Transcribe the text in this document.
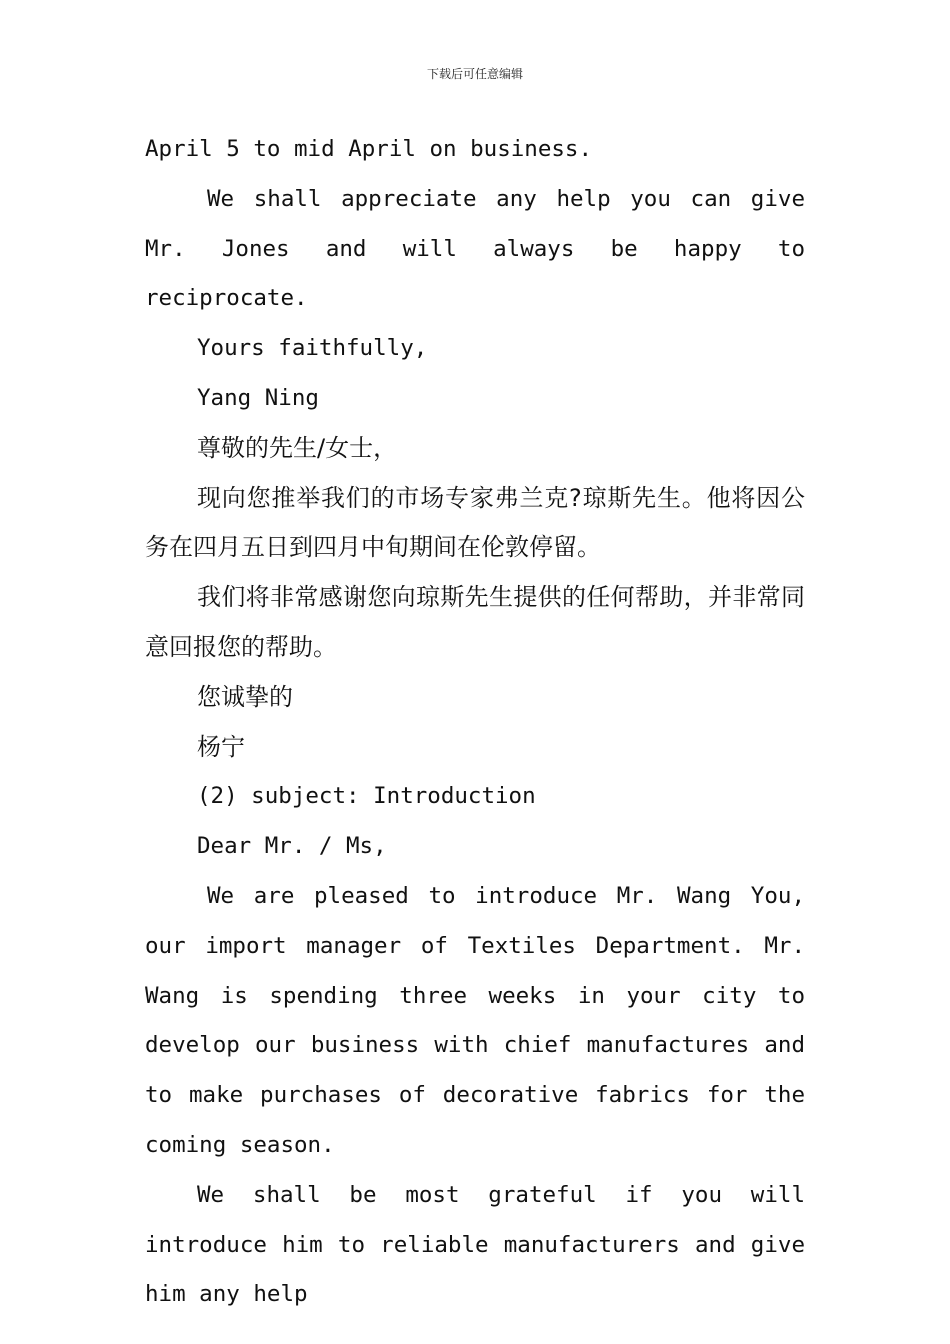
下载后可任意编辑

April 5 to mid April on business.

We shall appreciate any help you can give Mr. Jones and will always be happy to reciprocate.

Yours faithfully,

Yang Ning

尊敬的先生/女士，

现向您推举我们的市场专家弗兰克?琼斯先生。他将因公务在四月五日到四月中旬期间在伦敦停留。

我们将非常感谢您向琼斯先生提供的任何帮助，并非常同意回报您的帮助。

您诚挚的

杨宁

(2) subject: Introduction

Dear Mr. / Ms,

We are pleased to introduce Mr. Wang You, our import manager of Textiles Department. Mr. Wang is spending three weeks in your city to develop our business with chief manufactures and to make purchases of decorative fabrics for the coming season.

We shall be most grateful if you will introduce him to reliable manufacturers and give him any help
